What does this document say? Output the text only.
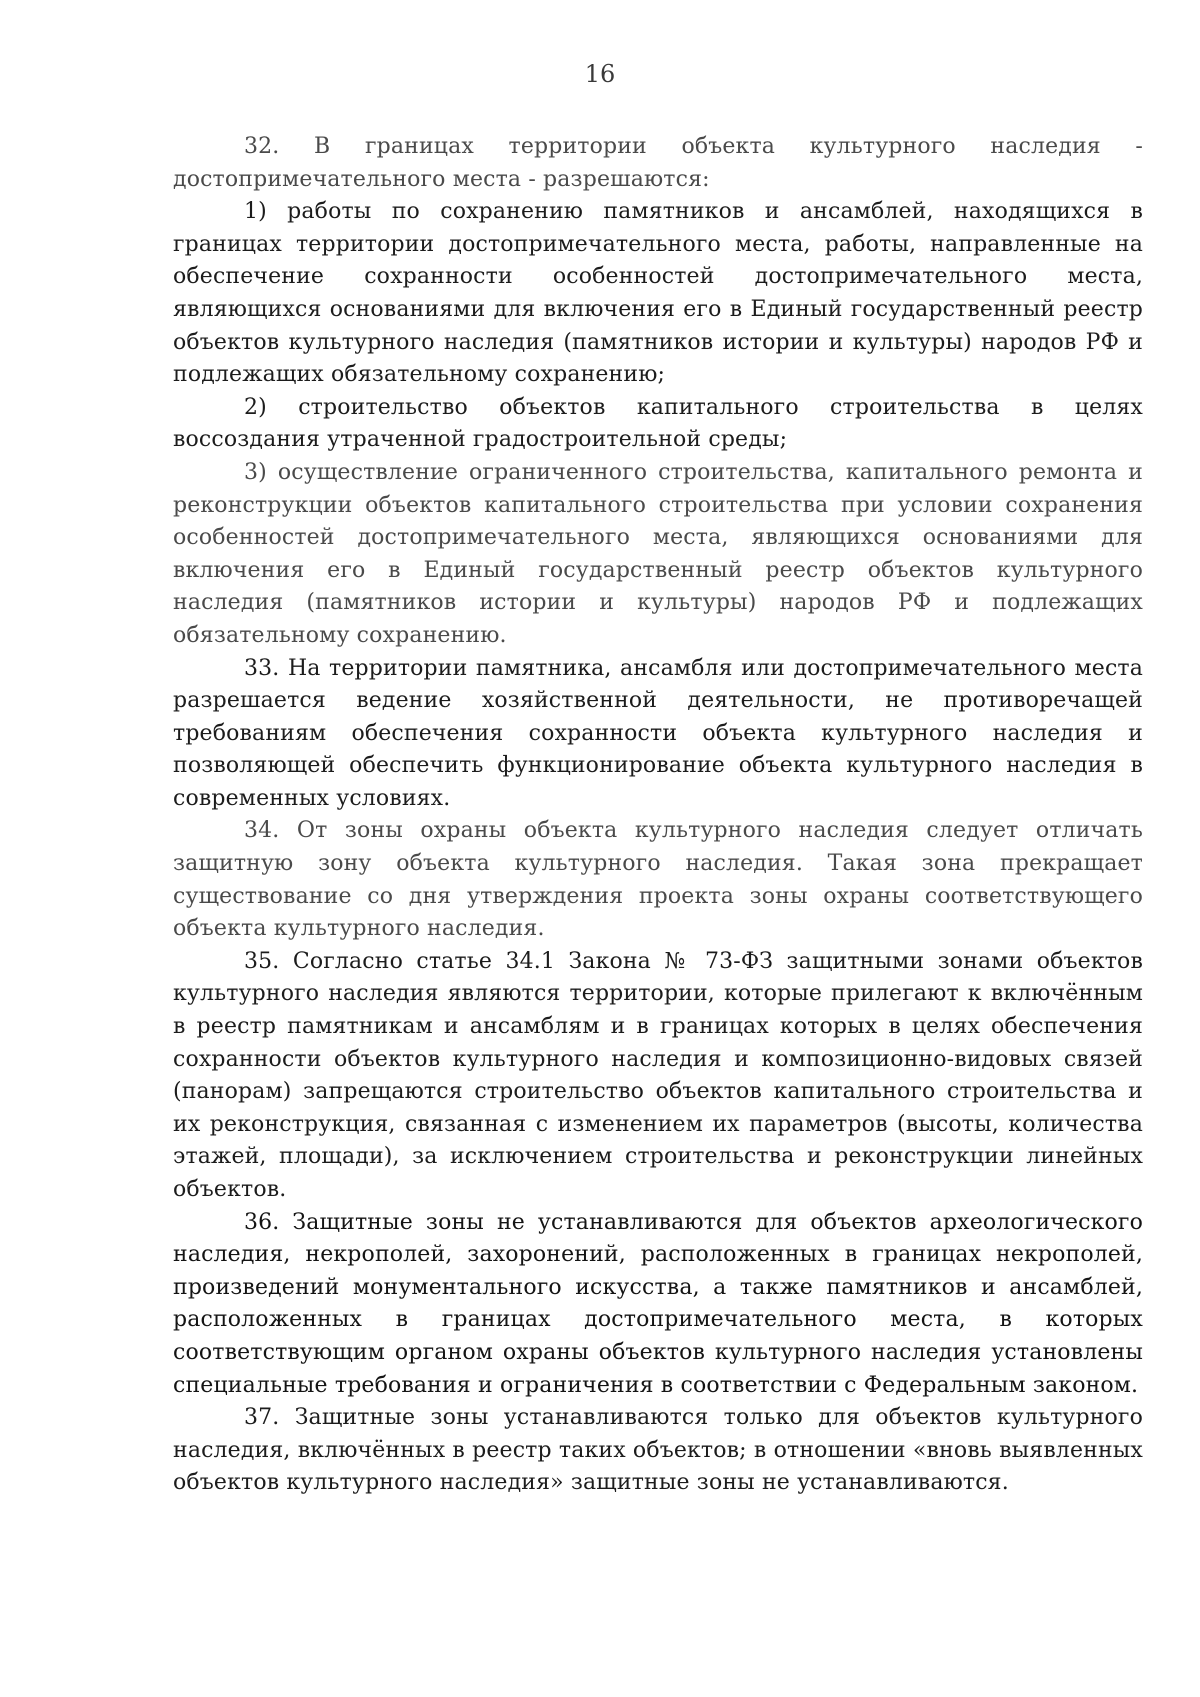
16

32. В границах территории объекта культурного наследия - достопримечательного места - разрешаются:

1) работы по сохранению памятников и ансамблей, находящихся в границах территории достопримечательного места, работы, направленные на обеспечение сохранности особенностей достопримечательного места, являющихся основаниями для включения его в Единый государственный реестр объектов культурного наследия (памятников истории и культуры) народов РФ и подлежащих обязательному сохранению;

2) строительство объектов капитального строительства в целях воссоздания утраченной градостроительной среды;

3) осуществление ограниченного строительства, капитального ремонта и реконструкции объектов капитального строительства при условии сохранения особенностей достопримечательного места, являющихся основаниями для включения его в Единый государственный реестр объектов культурного наследия (памятников истории и культуры) народов РФ и подлежащих обязательному сохранению.

33. На территории памятника, ансамбля или достопримечательного места разрешается ведение хозяйственной деятельности, не противоречащей требованиям обеспечения сохранности объекта культурного наследия и позволяющей обеспечить функционирование объекта культурного наследия в современных условиях.

34. От зоны охраны объекта культурного наследия следует отличать защитную зону объекта культурного наследия. Такая зона прекращает существование со дня утверждения проекта зоны охраны соответствующего объекта культурного наследия.

35. Согласно статье 34.1 Закона № 73-ФЗ защитными зонами объектов культурного наследия являются территории, которые прилегают к включённым в реестр памятникам и ансамблям и в границах которых в целях обеспечения сохранности объектов культурного наследия и композиционно-видовых связей (панорам) запрещаются строительство объектов капитального строительства и их реконструкция, связанная с изменением их параметров (высоты, количества этажей, площади), за исключением строительства и реконструкции линейных объектов.

36. Защитные зоны не устанавливаются для объектов археологического наследия, некрополей, захоронений, расположенных в границах некрополей, произведений монументального искусства, а также памятников и ансамблей, расположенных в границах достопримечательного места, в которых соответствующим органом охраны объектов культурного наследия установлены специальные требования и ограничения в соответствии с Федеральным законом.

37. Защитные зоны устанавливаются только для объектов культурного наследия, включённых в реестр таких объектов; в отношении «вновь выявленных объектов культурного наследия» защитные зоны не устанавливаются.
